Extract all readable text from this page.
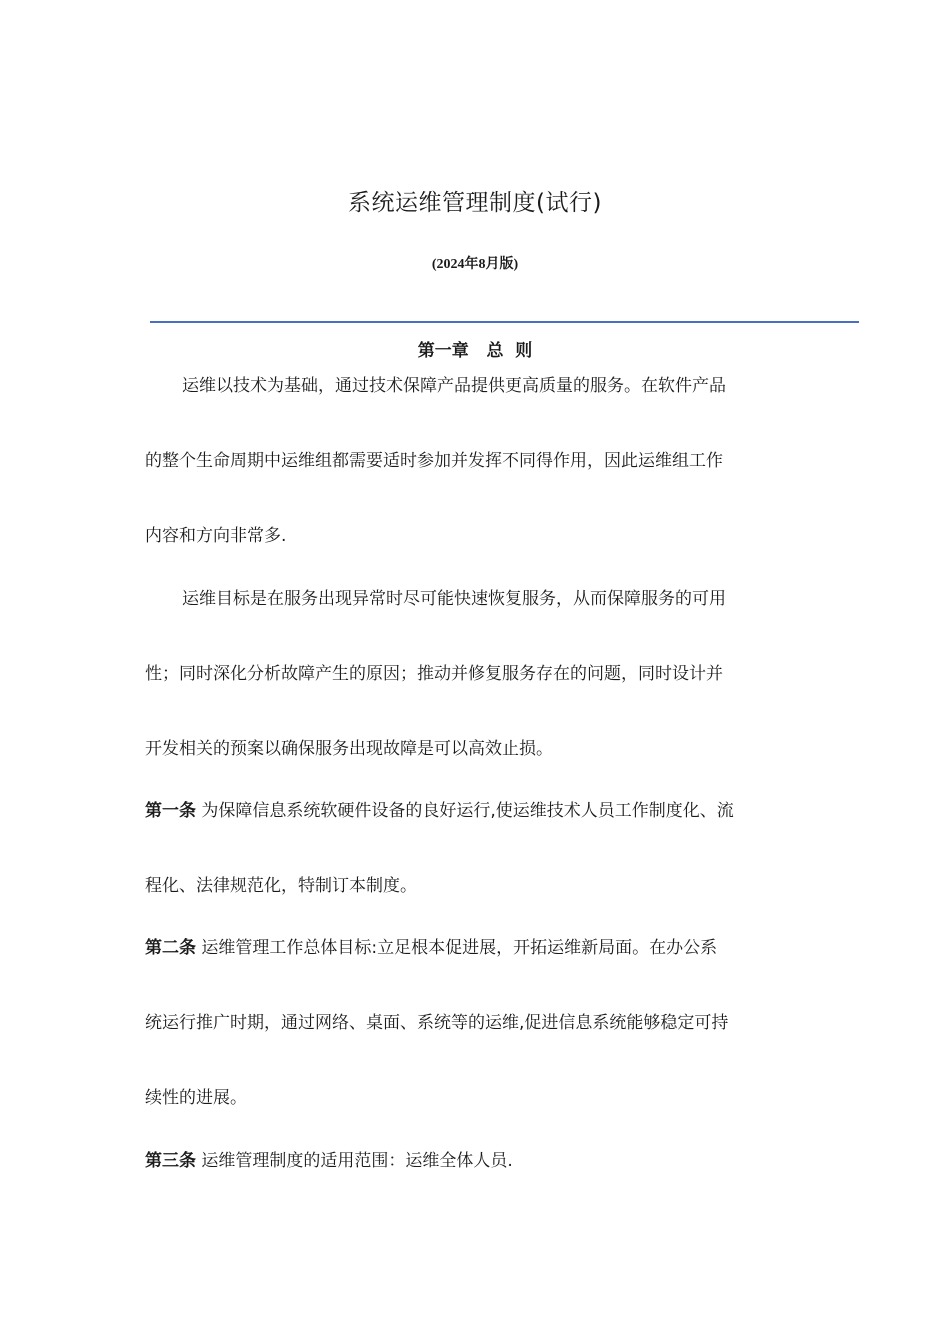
系统运维管理制度(试行)

(2024年8月版)

第一章   总  则
运维以技术为基础，通过技术保障产品提供更高质量的服务。在软件产品
的整个生命周期中运维组都需要适时参加并发挥不同得作用，因此运维组工作
内容和方向非常多.
运维目标是在服务出现异常时尽可能快速恢复服务，从而保障服务的可用
性；同时深化分析故障产生的原因；推动并修复服务存在的问题，同时设计并
开发相关的预案以确保服务出现故障是可以高效止损。
第一条 为保障信息系统软硬件设备的良好运行,使运维技术人员工作制度化、流
程化、法律规范化，特制订本制度。
第二条 运维管理工作总体目标:立足根本促进展，开拓运维新局面。在办公系
统运行推广时期，通过网络、桌面、系统等的运维,促进信息系统能够稳定可持
续性的进展。
第三条 运维管理制度的适用范围：运维全体人员.
